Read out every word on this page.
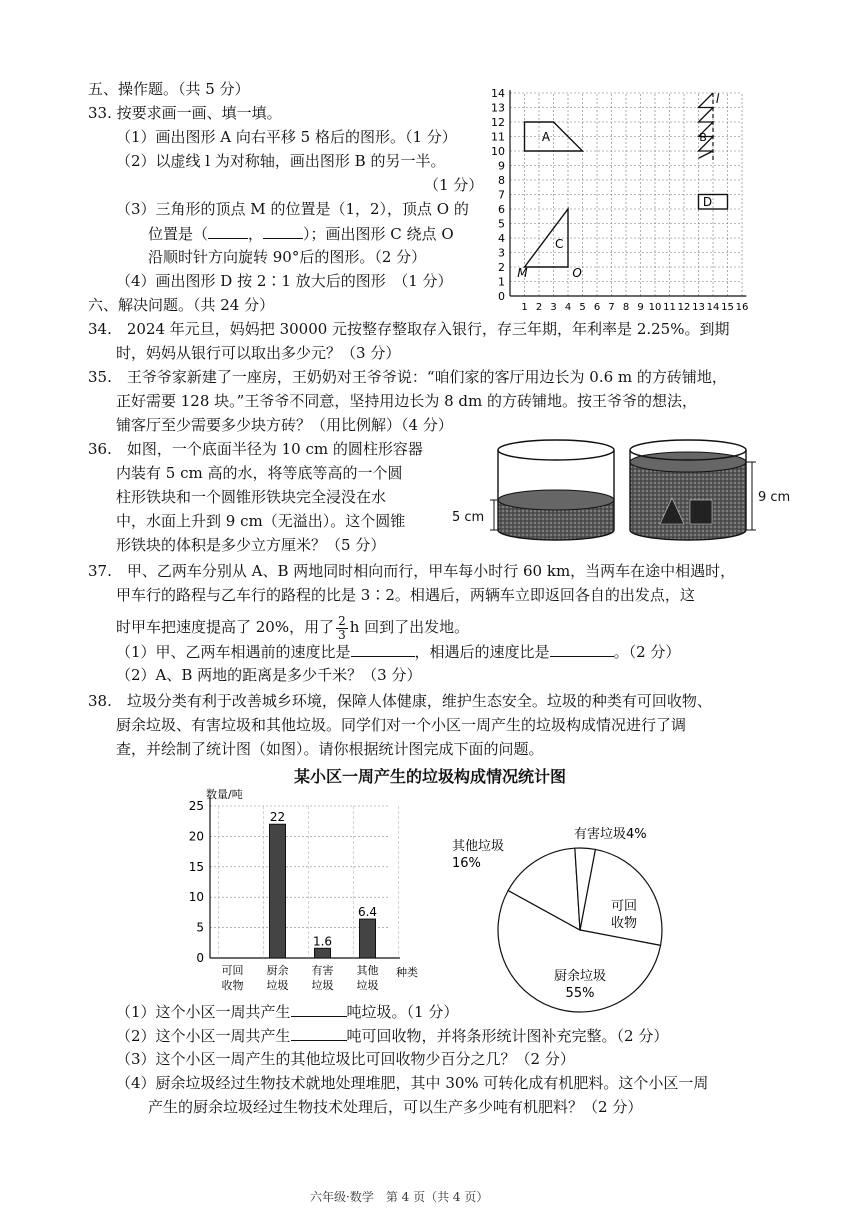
五、操作题。（共 5 分）
33. 按要求画一画、填一填。
（1）画出图形 A 向右平移 5 格后的图形。（1 分）
（2）以虚线 l 为对称轴，画出图形 B 的另一半。
（1 分）
（3）三角形的顶点 M 的位置是（1，2），顶点 O 的
位置是（	，	）；画出图形 C 绕点 O
沿顺时针方向旋转 90°后的图形。（2 分）
（4）画出图形 D 按 2∶1 放大后的图形　（1 分）
0
1
2
3
4
5
6
7
8
9
10
11
12
13
14
1 2 3 4 5 6 7 8 9 10 11 12 13 14 15 16
A
C
M	O
l
B
D
六、解决问题。（共 24 分）
34.　2024 年元旦，妈妈把 30000 元按整存整取存入银行，存三年期，年利率是 2.25%。到期
时，妈妈从银行可以取出多少元？（3 分）
35.　王爷爷家新建了一座房，王奶奶对王爷爷说：“咱们家的客厅用边长为 0.6 m 的方砖铺地，
正好需要 128 块。”王爷爷不同意，坚持用边长为 8 dm 的方砖铺地。按王爷爷的想法，
铺客厅至少需要多少块方砖？（用比例解）（4 分）
36.　如图，一个底面半径为 10 cm 的圆柱形容器
内装有 5 cm 高的水，将等底等高的一个圆
柱形铁块和一个圆锥形铁块完全浸没在水
中，水面上升到 9 cm（无溢出）。这个圆锥
形铁块的体积是多少立方厘米？（5 分）
5 cm
9 cm
37.　甲、乙两车分别从 A、B 两地同时相向而行，甲车每小时行 60 km，当两车在途中相遇时，
甲车行的路程与乙车行的路程的比是 3∶2。相遇后，两辆车立即返回各自的出发点，这
时甲车把速度提高了 20%，用了 $\frac{2}{3}$ h 回到了出发地。
（1）甲、乙两车相遇前的速度比是	，相遇后的速度比是	。（2 分）
（2）A、B 两地的距离是多少千米？（3 分）
38.　垃圾分类有利于改善城乡环境，保障人体健康，维护生态安全。垃圾的种类有可回收物、
厨余垃圾、有害垃圾和其他垃圾。同学们对一个小区一周产生的垃圾构成情况进行了调
查，并绘制了统计图（如图）。请你根据统计图完成下面的问题。
某小区一周产生的垃圾构成情况统计图
数量/吨
0
5
10
15
20
25
可回
收物
22
厨余
垃圾
1.6
有害
垃圾
6.4
其他
垃圾
种类
可回
收物
厨余垃圾
55%
其他垃圾
16%
有害垃圾4%
（1）这个小区一周共产生	吨垃圾。（1 分）
（2）这个小区一周共产生	吨可回收物，并将条形统计图补充完整。（2 分）
（3）这个小区一周产生的其他垃圾比可回收物少百分之几？（2 分）
（4）厨余垃圾经过生物技术就地处理堆肥，其中 30% 可转化成有机肥料。这个小区一周
产生的厨余垃圾经过生物技术处理后，可以生产多少吨有机肥料？（2 分）
六年级·数学　第 4 页（共 4 页）
